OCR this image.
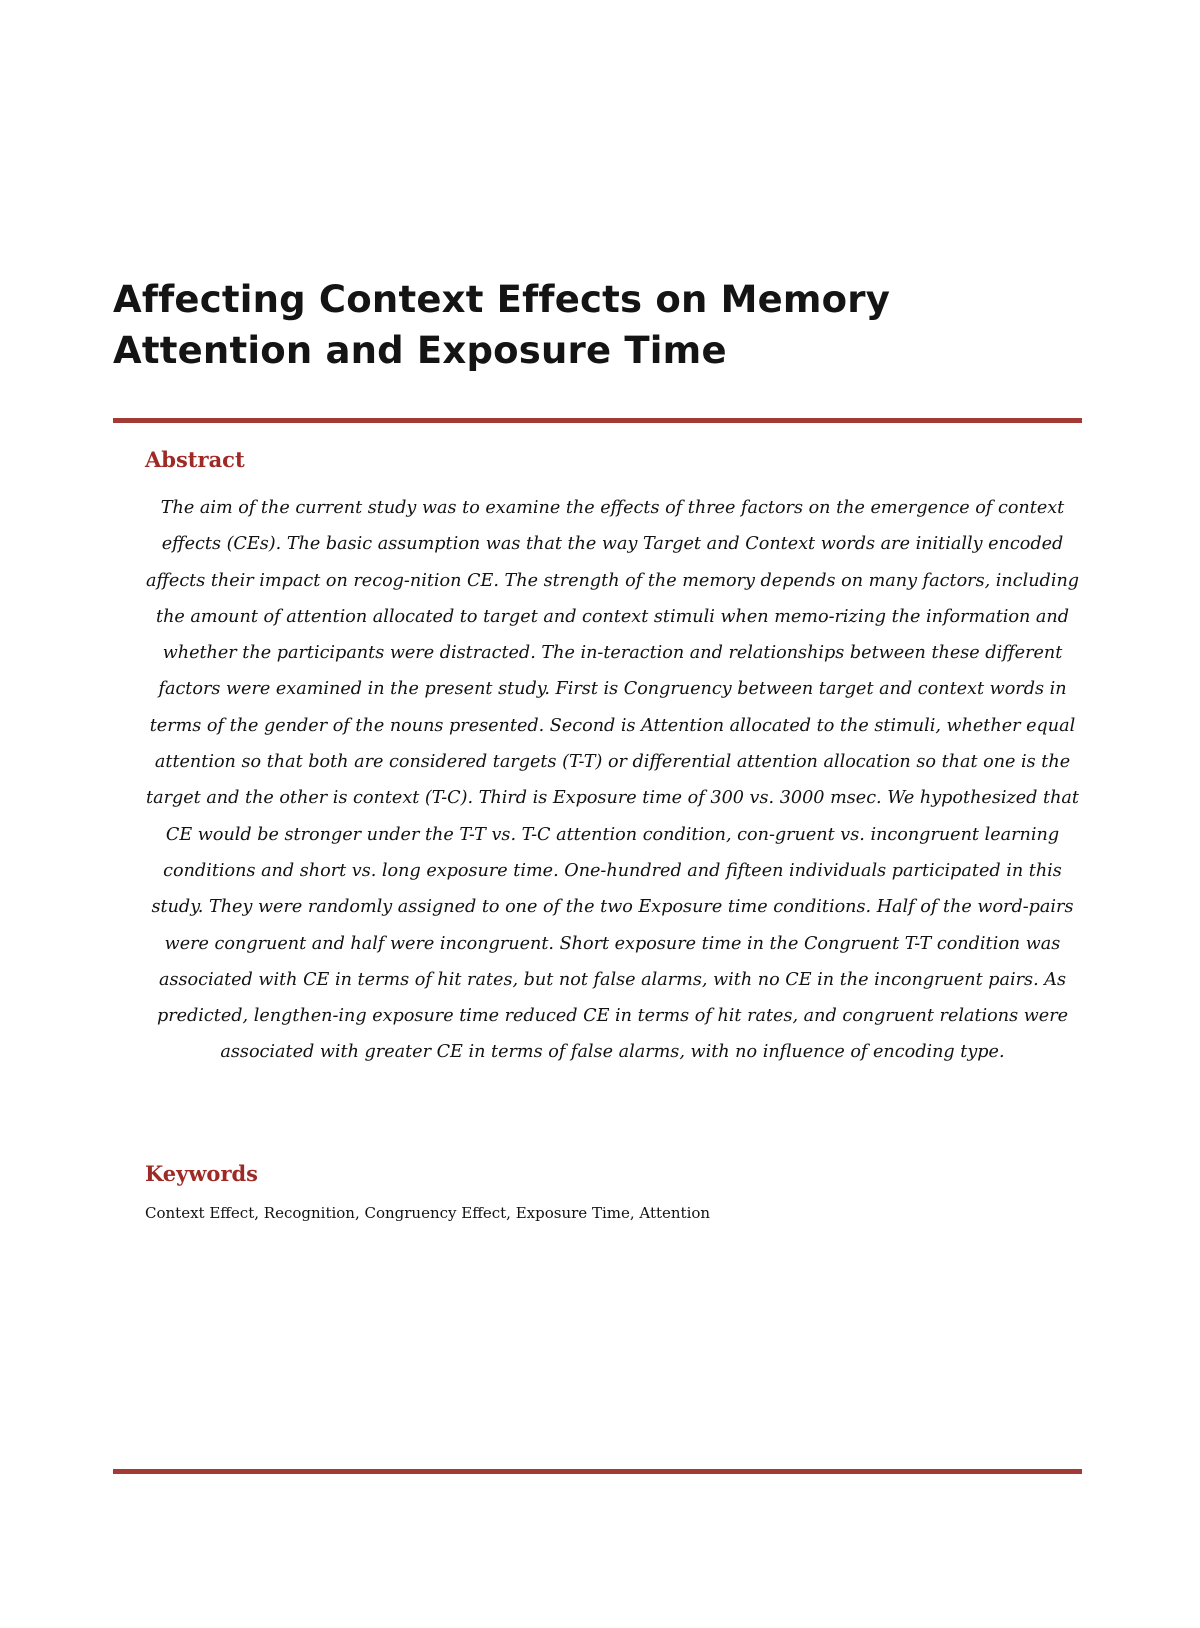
Affecting Context Effects on Memory
Attention and Exposure Time
Abstract

The aim of the current study was to examine the effects of three factors on the emergence of context effects (CEs). The basic assumption was that the way Target and Context words are initially encoded affects their impact on recog-nition CE. The strength of the memory depends on many factors, including the amount of attention allocated to target and context stimuli when memo-rizing the information and whether the participants were distracted. The in-teraction and relationships between these different factors were examined in the present study. First is Congruency between target and context words in terms of the gender of the nouns presented. Second is Attention allocated to the stimuli, whether equal attention so that both are considered targets (T-T) or differential attention allocation so that one is the target and the other is context (T-C). Third is Exposure time of 300 vs. 3000 msec. We hypothesized that CE would be stronger under the T-T vs. T-C attention condition, con-gruent vs. incongruent learning conditions and short vs. long exposure time. One-hundred and fifteen individuals participated in this study. They were randomly assigned to one of the two Exposure time conditions. Half of the word-pairs were congruent and half were incongruent. Short exposure time in the Congruent T-T condition was associated with CE in terms of hit rates, but not false alarms, with no CE in the incongruent pairs. As predicted, lengthen-ing exposure time reduced CE in terms of hit rates, and congruent relations were associated with greater CE in terms of false alarms, with no influence of encoding type.

Keywords

Context Effect, Recognition, Congruency Effect, Exposure Time, Attention
